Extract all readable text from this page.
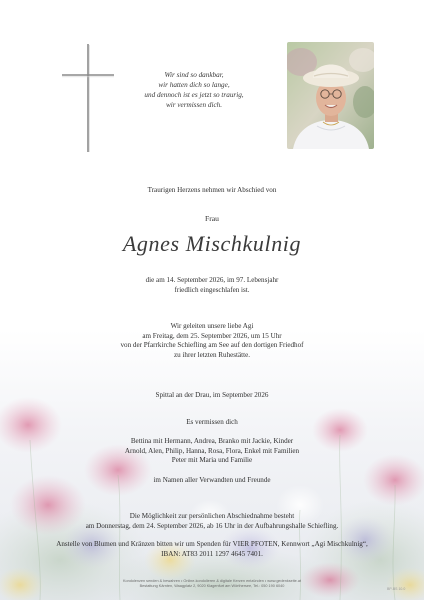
Wir sind so dankbar,
wir hatten dich so lange,
und dennoch ist es jetzt so traurig,
wir vermissen dich.
Traurigen Herzens nehmen wir Abschied von
Frau
Agnes Mischkulnig
die am 14. September 2026, im 97. Lebensjahr
friedlich eingeschlafen ist.
Wir geleiten unsere liebe Agi
am Freitag, dem 25. September 2026, um 15 Uhr
von der Pfarrkirche Schiefling am See auf den dortigen Friedhof
zu ihrer letzten Ruhestätte.
Spittal an der Drau, im September 2026
Es vermissen dich
Bettina mit Hermann, Andrea, Branko mit Jackie, Kinder
Arnold, Alen, Philip, Hanna, Rosa, Flora, Enkel mit Familien
Peter mit Maria und Familie
im Namen aller Verwandten und Freunde
Die Möglichkeit zur persönlichen Abschiednahme besteht
am Donnerstag, dem 24. September 2026, ab 16 Uhr in der Aufbahrungshalle Schiefling.
Anstelle von Blumen und Kränzen bitten wir um Spenden für VIER PFOTEN, Kennwort „Agi Mischkulnig“,
IBAN: AT83 2011 1297 4645 7401.
Kondolenzen senden & bewahren • Online-kondolieren & digitale Kerzen entzünden • www.gedenkseite.at
Bestattung Kärnten, Waagplatz 2, 9020 Klagenfurt am Wörthersee, Tel.: 050 190 6040
BP-BS 10.0
